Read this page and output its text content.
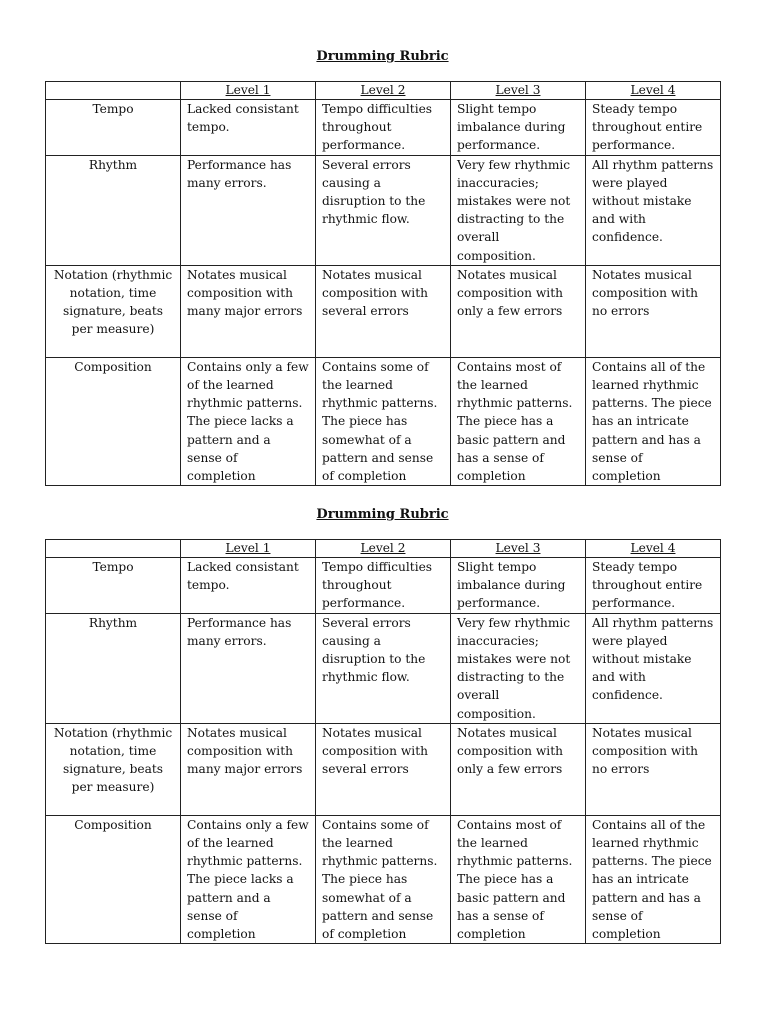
Drumming Rubric
	Level 1	Level 2	Level 3	Level 4
Tempo	Lacked consistant tempo.	Tempo difficulties throughout performance.	Slight tempo imbalance during performance.	Steady tempo throughout entire performance.
Rhythm	Performance has many errors.	Several errors causing a disruption to the rhythmic flow.	Very few rhythmic inaccuracies; mistakes were not distracting to the overall composition.	All rhythm patterns were played without mistake and with confidence.
Notation (rhythmic notation, time signature, beats per measure)	Notates musical composition with many major errors	Notates musical composition with several errors	Notates musical composition with only a few errors	Notates musical composition with no errors
Composition	Contains only a few of the learned rhythmic patterns. The piece lacks a pattern and a sense of completion	Contains some of the learned rhythmic patterns. The piece has somewhat of a pattern and sense of completion	Contains most of the learned rhythmic patterns. The piece has a basic pattern and has a sense of completion	Contains all of the learned rhythmic patterns. The piece has an intricate pattern and has a sense of completion
Drumming Rubric
	Level 1	Level 2	Level 3	Level 4
Tempo	Lacked consistant tempo.	Tempo difficulties throughout performance.	Slight tempo imbalance during performance.	Steady tempo throughout entire performance.
Rhythm	Performance has many errors.	Several errors causing a disruption to the rhythmic flow.	Very few rhythmic inaccuracies; mistakes were not distracting to the overall composition.	All rhythm patterns were played without mistake and with confidence.
Notation (rhythmic notation, time signature, beats per measure)	Notates musical composition with many major errors	Notates musical composition with several errors	Notates musical composition with only a few errors	Notates musical composition with no errors
Composition	Contains only a few of the learned rhythmic patterns. The piece lacks a pattern and a sense of completion	Contains some of the learned rhythmic patterns. The piece has somewhat of a pattern and sense of completion	Contains most of the learned rhythmic patterns. The piece has a basic pattern and has a sense of completion	Contains all of the learned rhythmic patterns. The piece has an intricate pattern and has a sense of completion
